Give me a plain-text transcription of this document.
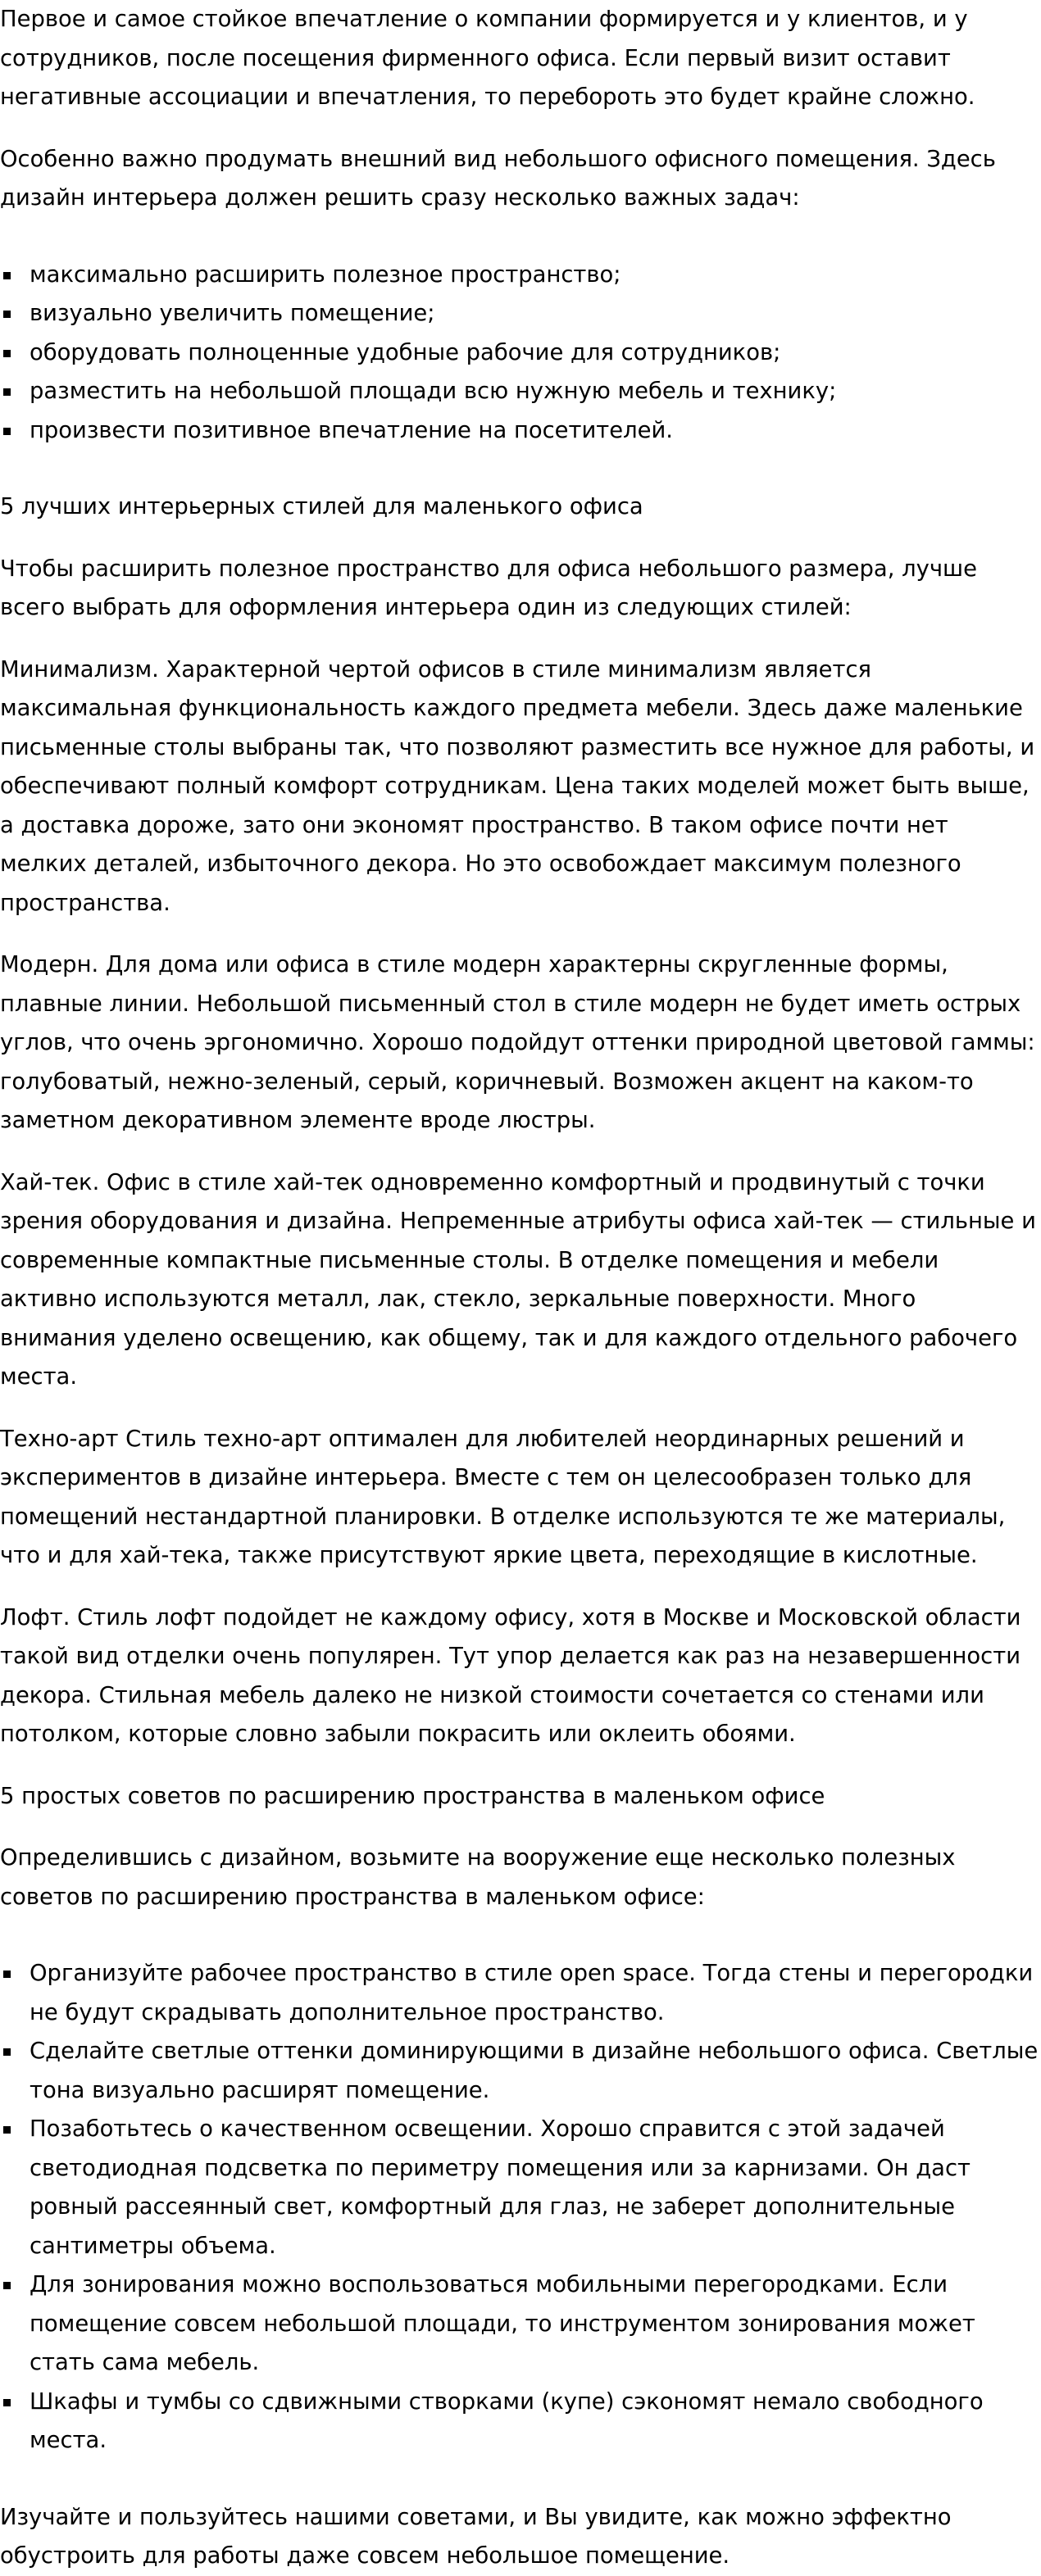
Первое и самое стойкое впечатление о компании формируется и у клиентов, и у сотрудников, после посещения фирменного офиса. Если первый визит оставит негативные ассоциации и впечатления, то перебороть это будет крайне сложно.

Особенно важно продумать внешний вид небольшого офисного помещения. Здесь дизайн интерьера должен решить сразу несколько важных задач:

максимально расширить полезное пространство;
визуально увеличить помещение;
оборудовать полноценные удобные рабочие для сотрудников;
разместить на небольшой площади всю нужную мебель и технику;
произвести позитивное впечатление на посетителей.

5 лучших интерьерных стилей для маленького офиса

Чтобы расширить полезное пространство для офиса небольшого размера, лучше всего выбрать для оформления интерьера один из следующих стилей:

Минимализм. Характерной чертой офисов в стиле минимализм является максимальная функциональность каждого предмета мебели. Здесь даже маленькие письменные столы выбраны так, что позволяют разместить все нужное для работы, и обеспечивают полный комфорт сотрудникам. Цена таких моделей может быть выше, а доставка дороже, зато они экономят пространство. В таком офисе почти нет мелких деталей, избыточного декора. Но это освобождает максимум полезного пространства.

Модерн. Для дома или офиса в стиле модерн характерны скругленные формы, плавные линии. Небольшой письменный стол в стиле модерн не будет иметь острых углов, что очень эргономично. Хорошо подойдут оттенки природной цветовой гаммы: голубоватый, нежно-зеленый, серый, коричневый. Возможен акцент на каком-то заметном декоративном элементе вроде люстры.

Хай-тек. Офис в стиле хай-тек одновременно комфортный и продвинутый с точки зрения оборудования и дизайна. Непременные атрибуты офиса хай-тек — стильные и современные компактные письменные столы. В отделке помещения и мебели активно используются металл, лак, стекло, зеркальные поверхности. Много внимания уделено освещению, как общему, так и для каждого отдельного рабочего места.

Техно-арт Стиль техно-арт оптимален для любителей неординарных решений и экспериментов в дизайне интерьера. Вместе с тем он целесообразен только для помещений нестандартной планировки. В отделке используются те же материалы, что и для хай-тека, также присутствуют яркие цвета, переходящие в кислотные.

Лофт. Стиль лофт подойдет не каждому офису, хотя в Москве и Московской области такой вид отделки очень популярен. Тут упор делается как раз на незавершенности декора. Стильная мебель далеко не низкой стоимости сочетается со стенами или потолком, которые словно забыли покрасить или оклеить обоями.

5 простых советов по расширению пространства в маленьком офисе

Определившись с дизайном, возьмите на вооружение еще несколько полезных советов по расширению пространства в маленьком офисе:

Организуйте рабочее пространство в стиле open space. Тогда стены и перегородки не будут скрадывать дополнительное пространство.
Сделайте светлые оттенки доминирующими в дизайне небольшого офиса. Светлые тона визуально расширят помещение.
Позаботьтесь о качественном освещении. Хорошо справится с этой задачей светодиодная подсветка по периметру помещения или за карнизами. Он даст ровный рассеянный свет, комфортный для глаз, не заберет дополнительные сантиметры объема.
Для зонирования можно воспользоваться мобильными перегородками. Если помещение совсем небольшой площади, то инструментом зонирования может стать сама мебель.
Шкафы и тумбы со сдвижными створками (купе) сэкономят немало свободного места.

Изучайте и пользуйтесь нашими советами, и Вы увидите, как можно эффектно обустроить для работы даже совсем небольшое помещение.
